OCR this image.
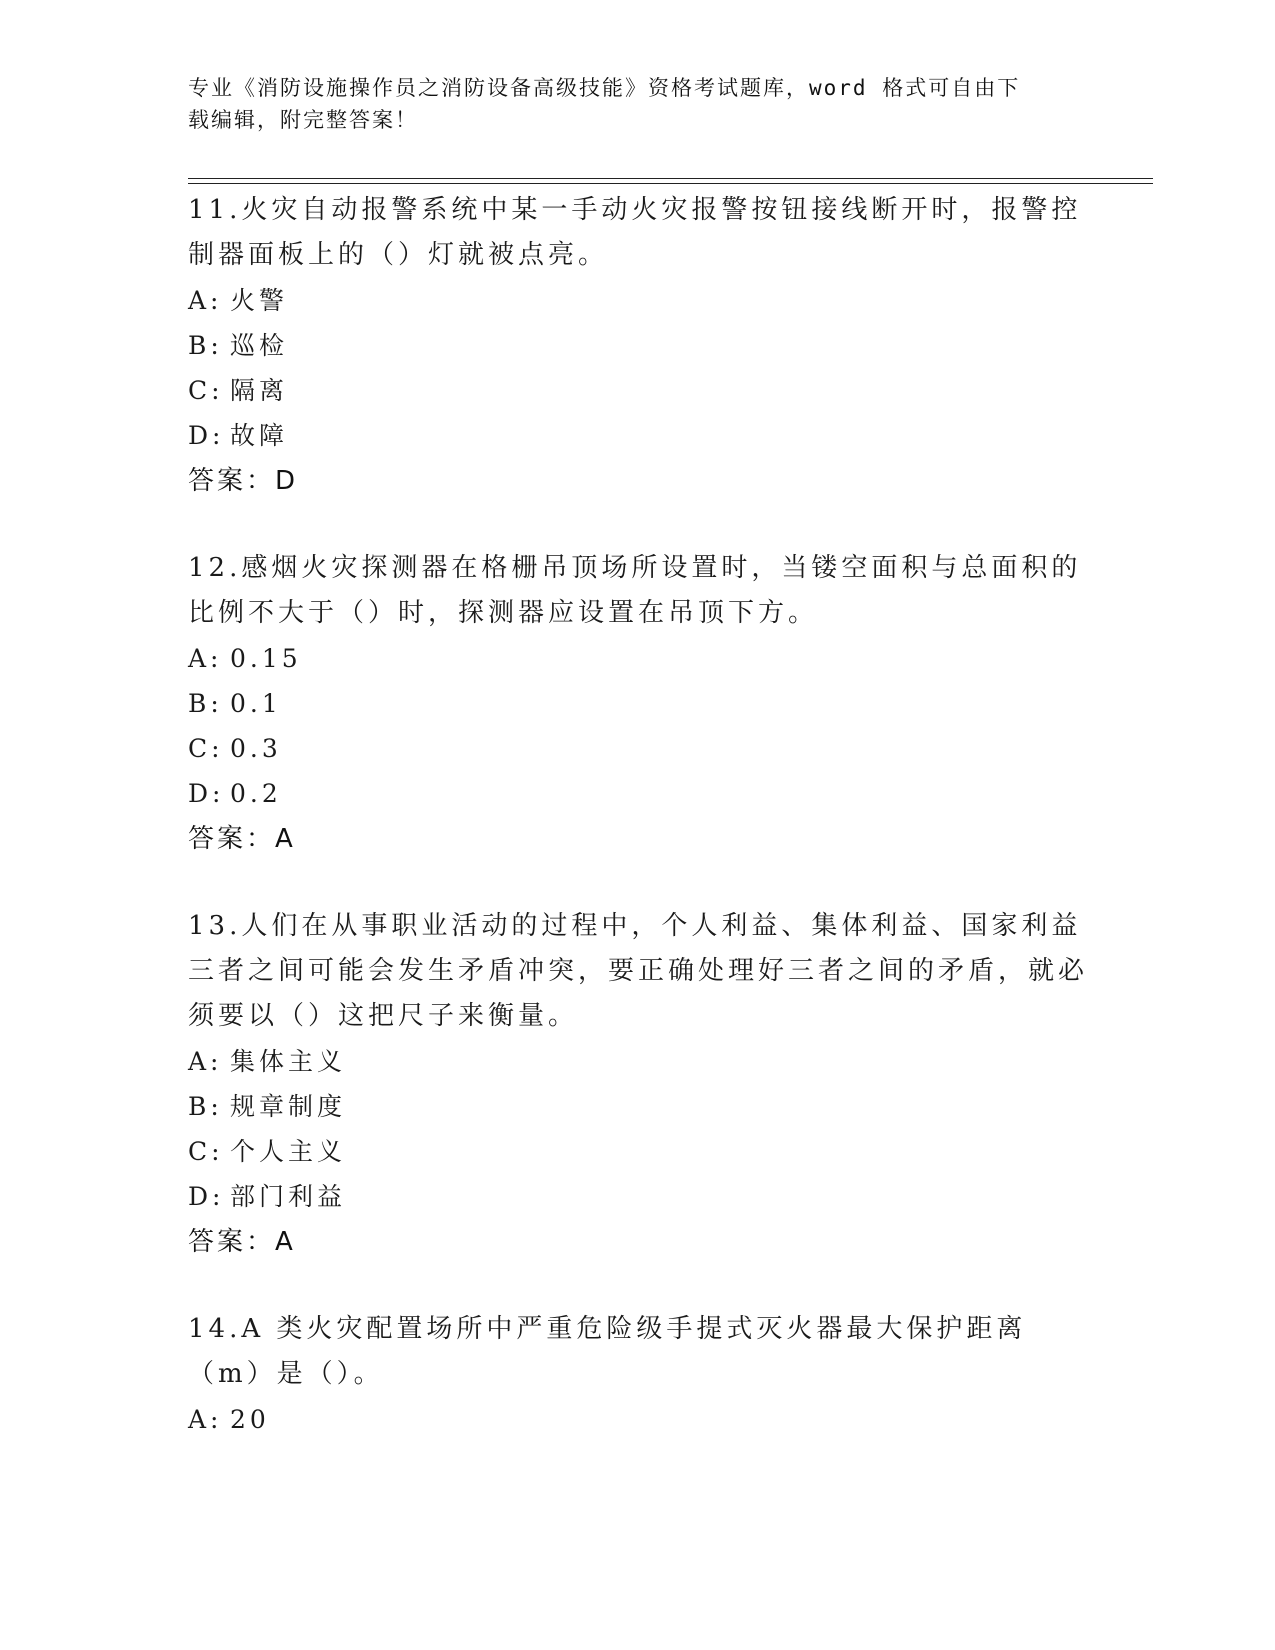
专业《消防设施操作员之消防设备高级技能》资格考试题库，word 格式可自由下
载编辑，附完整答案！
11.火灾自动报警系统中某一手动火灾报警按钮接线断开时，报警控制器面板上的（）灯就被点亮。
A: 火警
B: 巡检
C: 隔离
D: 故障
答案：D
12.感烟火灾探测器在格栅吊顶场所设置时，当镂空面积与总面积的比例不大于（）时，探测器应设置在吊顶下方。
A: 0.15
B: 0.1
C: 0.3
D: 0.2
答案：A
13.人们在从事职业活动的过程中，个人利益、集体利益、国家利益三者之间可能会发生矛盾冲突，要正确处理好三者之间的矛盾，就必须要以（）这把尺子来衡量。
A: 集体主义
B: 规章制度
C: 个人主义
D: 部门利益
答案：A
14.A 类火灾配置场所中严重危险级手提式灭火器最大保护距离（m）是（）。
A: 20
